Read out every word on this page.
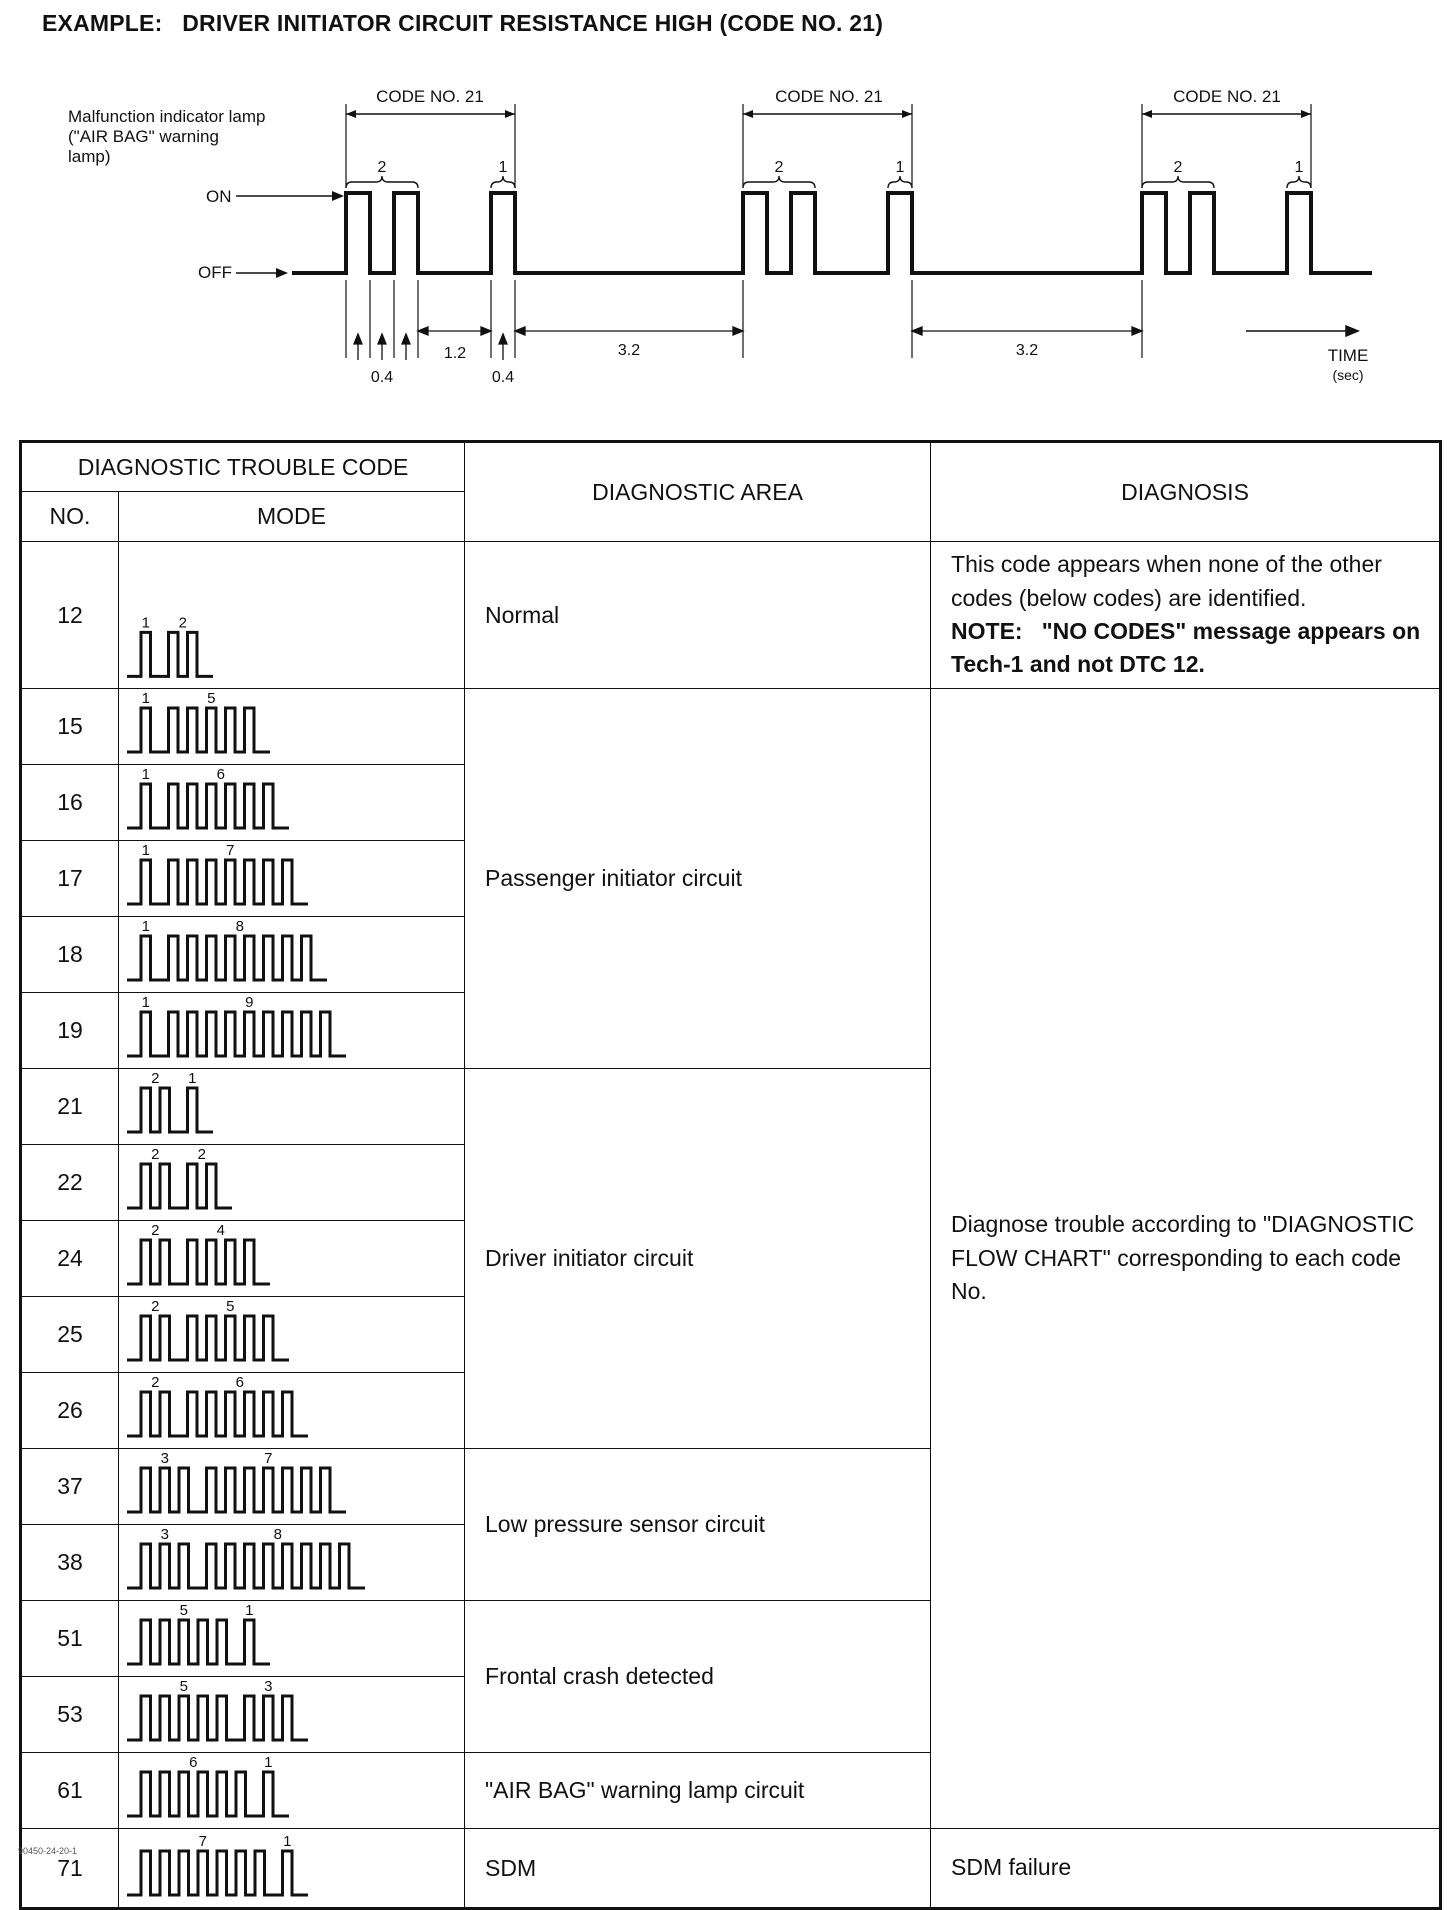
EXAMPLE: DRIVER INITIATOR CIRCUIT RESISTANCE HIGH (CODE NO. 21)
Malfunction indicator lamp
("AIR BAG" warning
lamp)
ON
OFF
CODE NO. 21	CODE NO. 21	CODE NO. 21
2	1	2	1	2	1
0.4	0.4
1.2	3.2	3.2	TIME
(sec)
DIAGNOSTIC TROUBLE CODE		DIAGNOSTIC AREA	DIAGNOSIS
NO.	MODE		
12	1 2	Normal	This code appears when none of the other codes (below codes) are identified.
NOTE: "NO CODES" message appears on Tech-1 and not DTC 12.
15	1 5	Passenger initiator circuit	Diagnose trouble according to "DIAGNOSTIC FLOW CHART" corresponding to each code No.
16	1 6		

17	1 7		

18	1 8		

19	1 9		

21	2 1	Driver initiator circuit	
22	2 2		

24	2 4		

25	2 5		

26	2 6		

37	3 7	Low pressure sensor circuit	
38	3 8		

51	5 1	Frontal crash detected	
53	5 3		

61	6 1	"AIR BAG" warning lamp circuit	
71	7 1	SDM	SDM failure
90450-24-20-1
